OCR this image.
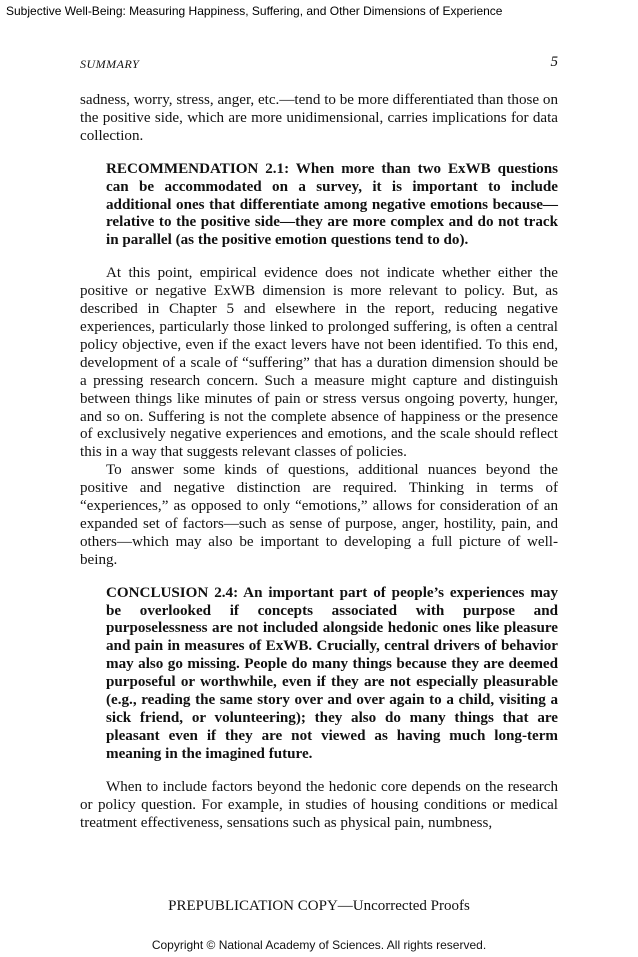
Subjective Well-Being: Measuring Happiness, Suffering, and Other Dimensions of Experience
SUMMARY	5

sadness, worry, stress, anger, etc.—tend to be more differentiated than those on the positive side, which are more unidimensional, carries implications for data collection.

RECOMMENDATION 2.1: When more than two ExWB questions can be accommodated on a survey, it is important to include additional ones that differentiate among negative emotions because—relative to the positive side—they are more complex and do not track in parallel (as the positive emotion questions tend to do).

At this point, empirical evidence does not indicate whether either the positive or negative ExWB dimension is more relevant to policy. But, as described in Chapter 5 and elsewhere in the report, reducing negative experiences, particularly those linked to prolonged suffering, is often a central policy objective, even if the exact levers have not been identified. To this end, development of a scale of “suffering” that has a duration dimension should be a pressing research concern. Such a measure might capture and distinguish between things like minutes of pain or stress versus ongoing poverty, hunger, and so on. Suffering is not the complete absence of happiness or the presence of exclusively negative experiences and emotions, and the scale should reflect this in a way that suggests relevant classes of policies.

To answer some kinds of questions, additional nuances beyond the positive and negative distinction are required. Thinking in terms of “experiences,” as opposed to only “emotions,” allows for consideration of an expanded set of factors—such as sense of purpose, anger, hostility, pain, and others—which may also be important to developing a full picture of well-being.

CONCLUSION 2.4: An important part of people’s experiences may be overlooked if concepts associated with purpose and purposelessness are not included alongside hedonic ones like pleasure and pain in measures of ExWB. Crucially, central drivers of behavior may also go missing. People do many things because they are deemed purposeful or worthwhile, even if they are not especially pleasurable (e.g., reading the same story over and over again to a child, visiting a sick friend, or volunteering); they also do many things that are pleasant even if they are not viewed as having much long-term meaning in the imagined future.

When to include factors beyond the hedonic core depends on the research or policy question. For example, in studies of housing conditions or medical treatment effectiveness, sensations such as physical pain, numbness,

PREPUBLICATION COPY—Uncorrected Proofs
Copyright © National Academy of Sciences. All rights reserved.
